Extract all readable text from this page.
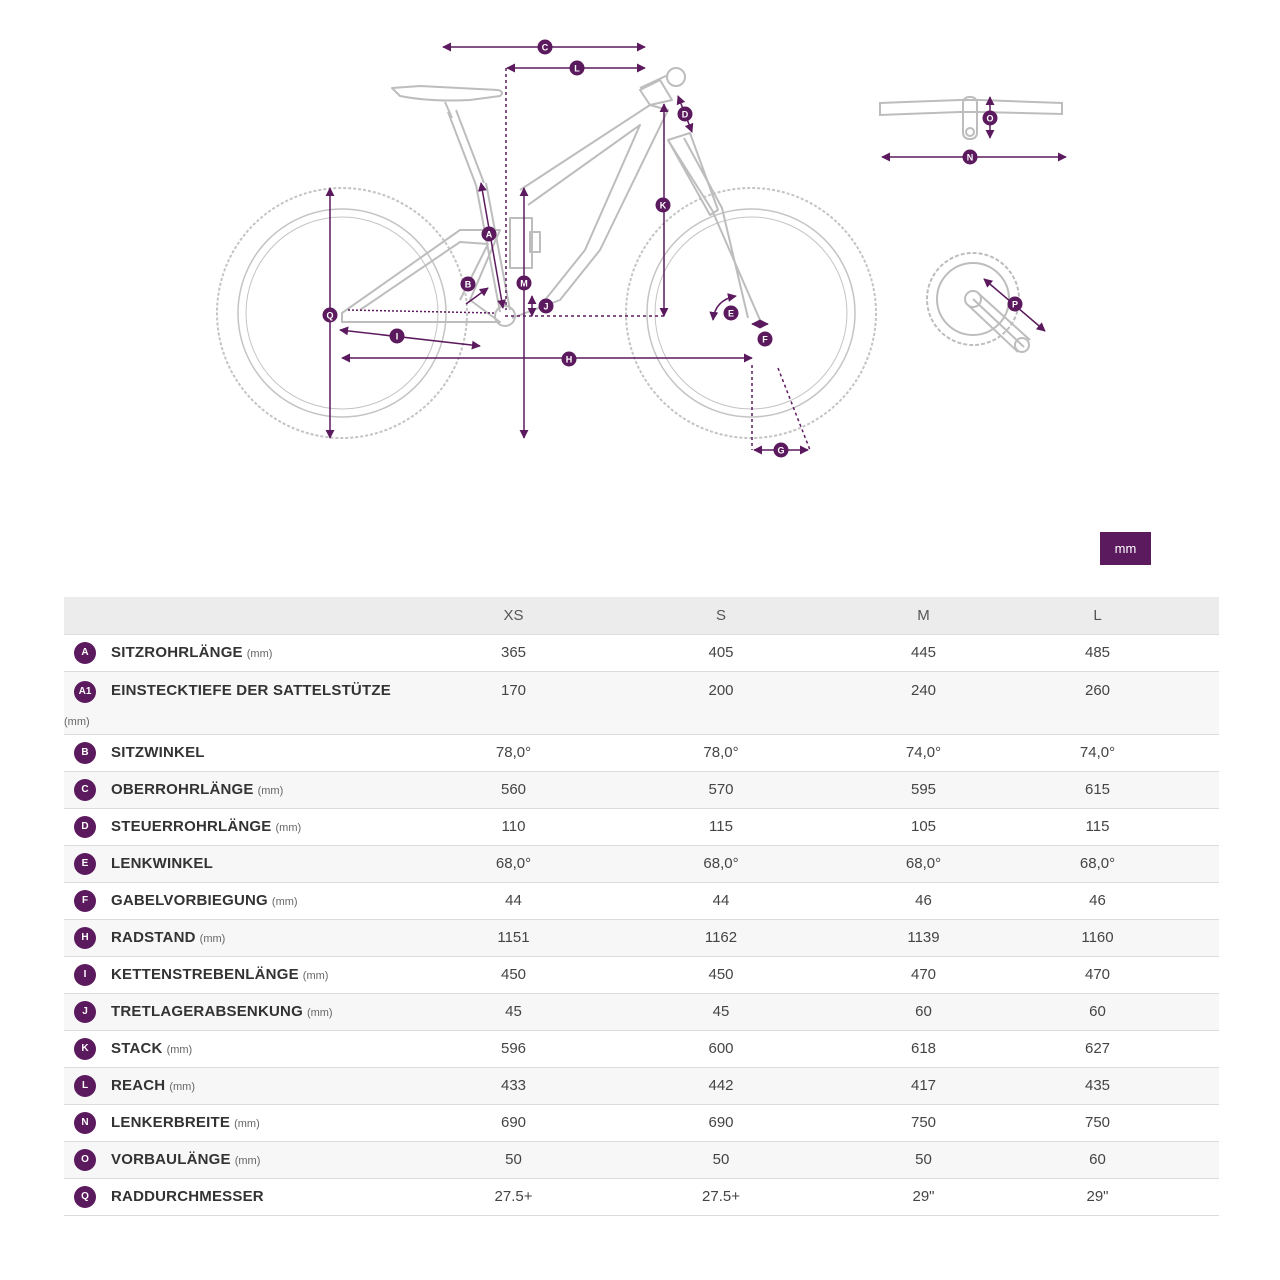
C
L
D
K
A
M
B
J
Q
I
H
E
F
G
O
N
P
mm
	XS	S	M	L

A SITZROHRLÄNGE (mm)	365	405	445	485

A1 EINSTECKTIEFE DER SATTELSTÜTZE
(mm)	170	200	240	260

B SITZWINKEL	78,0°	78,0°	74,0°	74,0°

C OBERROHRLÄNGE (mm)	560	570	595	615

D STEUERROHRLÄNGE (mm)	110	115	105	115

E LENKWINKEL	68,0°	68,0°	68,0°	68,0°

F GABELVORBIEGUNG (mm)	44	44	46	46

H RADSTAND (mm)	1151	1162	1139	1160

I KETTENSTREBENLÄNGE (mm)	450	450	470	470

J TRETLAGERABSENKUNG (mm)	45	45	60	60

K STACK (mm)	596	600	618	627

L REACH (mm)	433	442	417	435

N LENKERBREITE (mm)	690	690	750	750

O VORBAULÄNGE (mm)	50	50	50	60

Q RADDURCHMESSER	27.5+	27.5+	29"	29"
